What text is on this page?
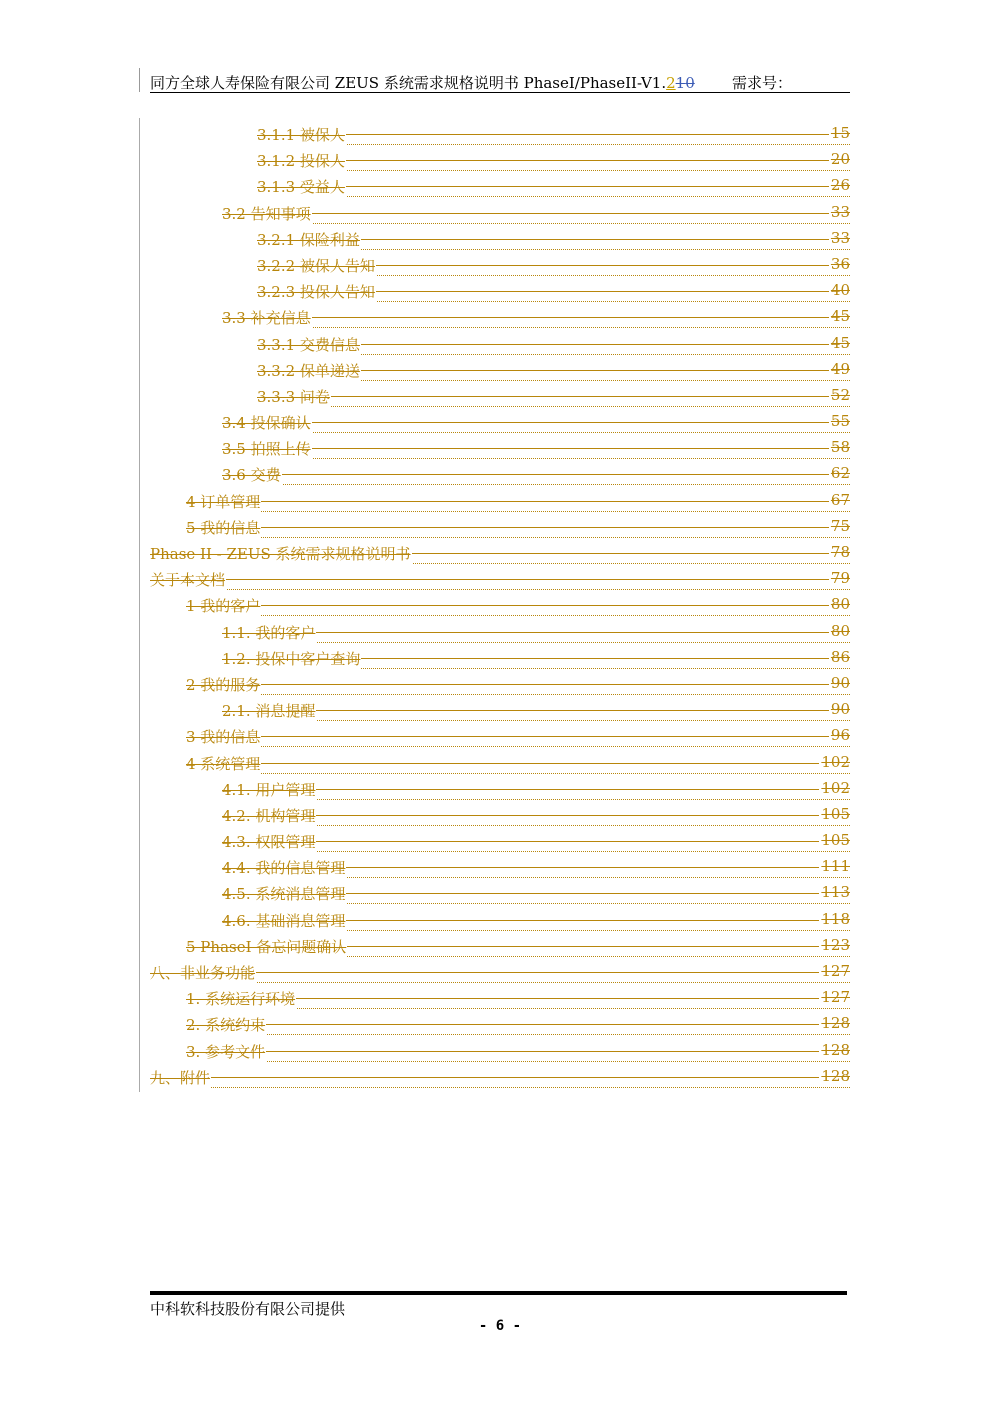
同方全球人寿保险有限公司 ZEUS 系统需求规格说明书 PhaseI/PhaseII-V1.210 需求号：
3.1.1 被保人	15
3.1.2 投保人	20
3.1.3 受益人	26
3.2 告知事项	33
3.2.1 保险利益	33
3.2.2 被保人告知	36
3.2.3 投保人告知	40
3.3 补充信息	45
3.3.1 交费信息	45
3.3.2 保单递送	49
3.3.3 问卷	52
3.4 投保确认	55
3.5 拍照上传	58
3.6 交费	62
4 订单管理	67
5 我的信息	75
Phase II - ZEUS 系统需求规格说明书	78
关于本文档	79
1 我的客户	80
1.1. 我的客户	80
1.2. 投保中客户查询	86
2 我的服务	90
2.1. 消息提醒	90
3 我的信息	96
4 系统管理	102
4.1. 用户管理	102
4.2. 机构管理	105
4.3. 权限管理	105
4.4. 我的信息管理	111
4.5. 系统消息管理	113
4.6. 基础消息管理	118
5 PhaseI 备忘问题确认	123
八、非业务功能	127
1. 系统运行环境	127
2. 系统约束	128
3. 参考文件	128
九、附件	128
中科软科技股份有限公司提供
- 6 -
